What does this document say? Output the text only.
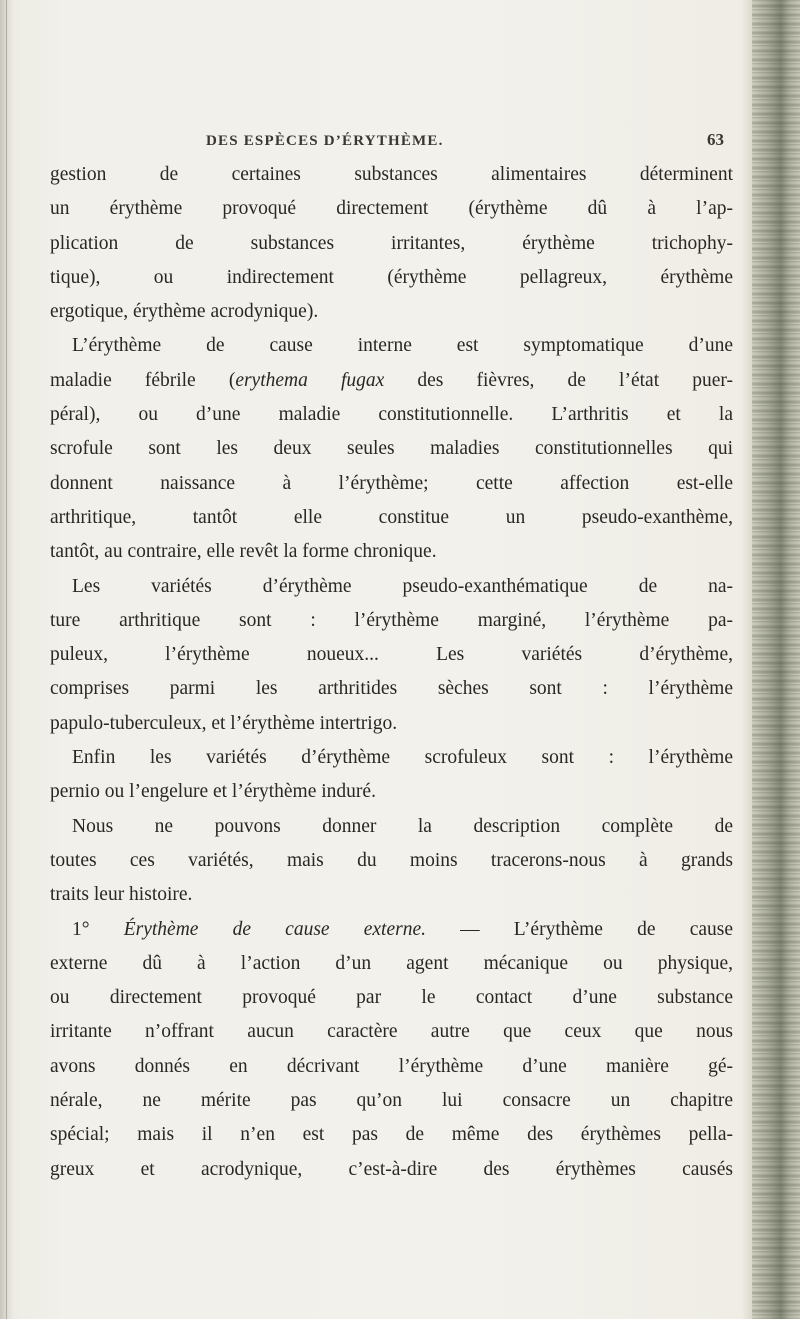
DES ESPÈCES D’ÉRYTHÈME.	63
gestion de certaines substances alimentaires déterminent
un érythème provoqué directement (érythème dû à l’ap-
plication de substances irritantes, érythème trichophy-
tique), ou indirectement (érythème pellagreux, érythème
ergotique, érythème acrodynique).
L’érythème de cause interne est symptomatique d’une
maladie fébrile (erythema fugax des fièvres, de l’état puer-
péral), ou d’une maladie constitutionnelle. L’arthritis et la
scrofule sont les deux seules maladies constitutionnelles qui
donnent naissance à l’érythème; cette affection est-elle
arthritique, tantôt elle constitue un pseudo-exanthème,
tantôt, au contraire, elle revêt la forme chronique.
Les variétés d’érythème pseudo-exanthématique de na-
ture arthritique sont : l’érythème marginé, l’érythème pa-
puleux, l’érythème noueux... Les variétés d’érythème,
comprises parmi les arthritides sèches sont : l’érythème
papulo-tuberculeux, et l’érythème intertrigo.
Enfin les variétés d’érythème scrofuleux sont : l’érythème
pernio ou l’engelure et l’érythème induré.
Nous ne pouvons donner la description complète de
toutes ces variétés, mais du moins tracerons-nous à grands
traits leur histoire.
1° Érythème de cause externe. — L’érythème de cause
externe dû à l’action d’un agent mécanique ou physique,
ou directement provoqué par le contact d’une substance
irritante n’offrant aucun caractère autre que ceux que nous
avons donnés en décrivant l’érythème d’une manière gé-
nérale, ne mérite pas qu’on lui consacre un chapitre
spécial; mais il n’en est pas de même des érythèmes pella-
greux et acrodynique, c’est-à-dire des érythèmes causés
